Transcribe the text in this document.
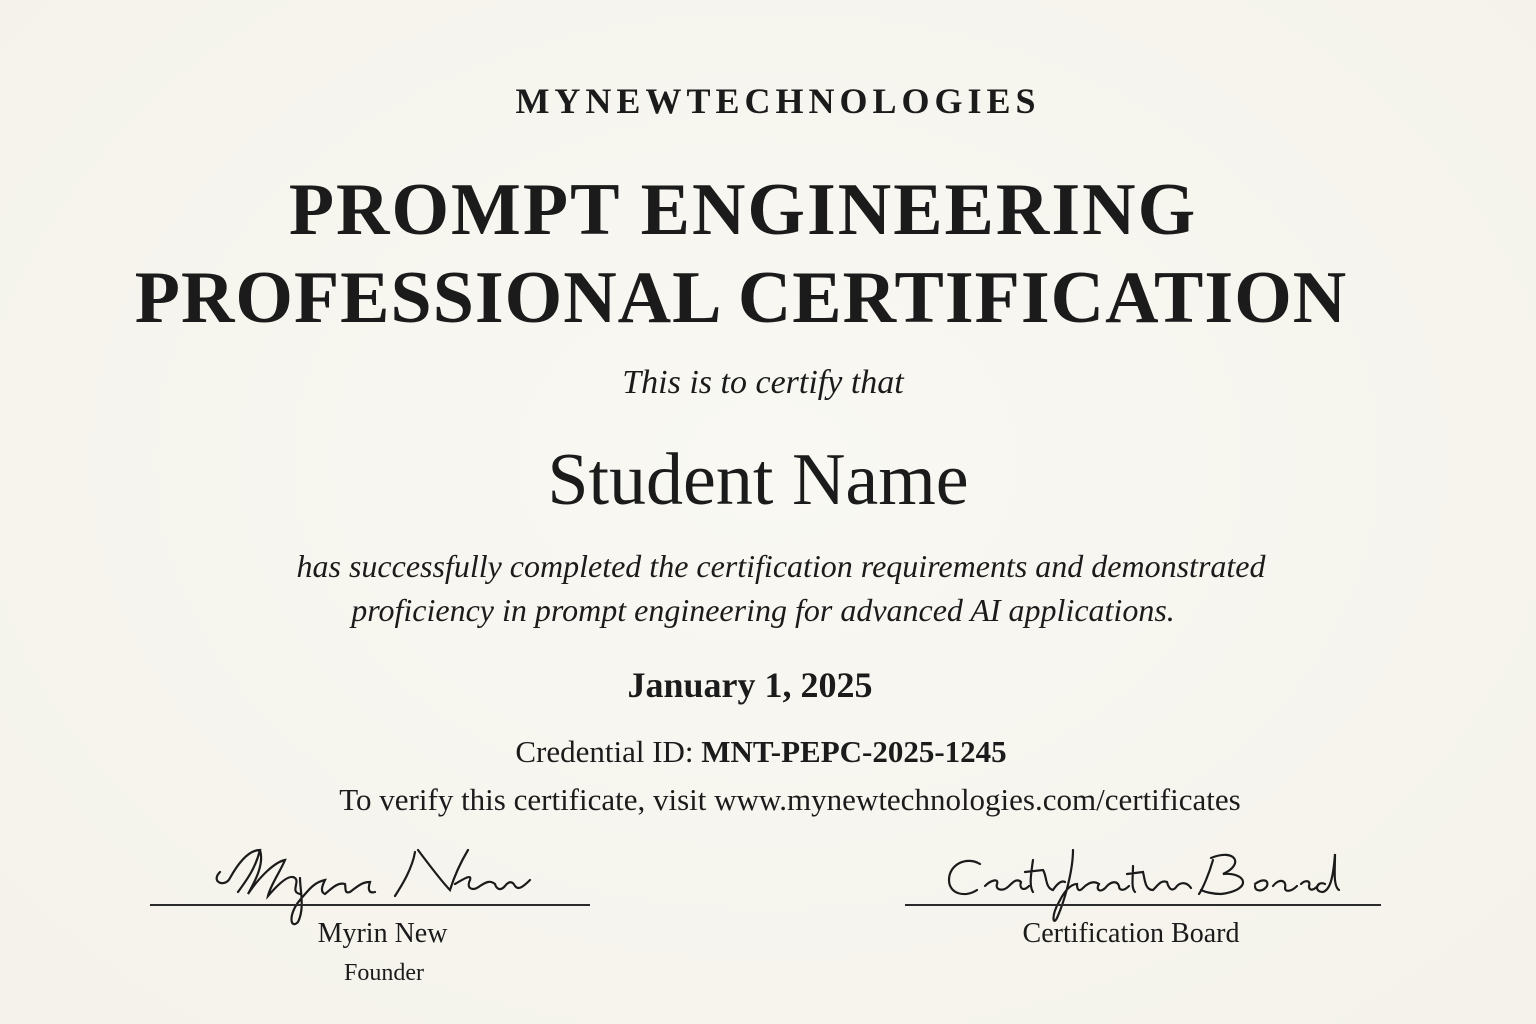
MYNEWTECHNOLOGIES
PROMPT ENGINEERING
PROFESSIONAL CERTIFICATION
This is to certify that
Student Name
has successfully completed the certification requirements and demonstrated
proficiency in prompt engineering for advanced AI applications.
January 1, 2025
Credential ID: MNT-PEPC-2025-1245
To verify this certificate, visit www.mynewtechnologies.com/certificates
Myrin New
Founder
Certification Board
